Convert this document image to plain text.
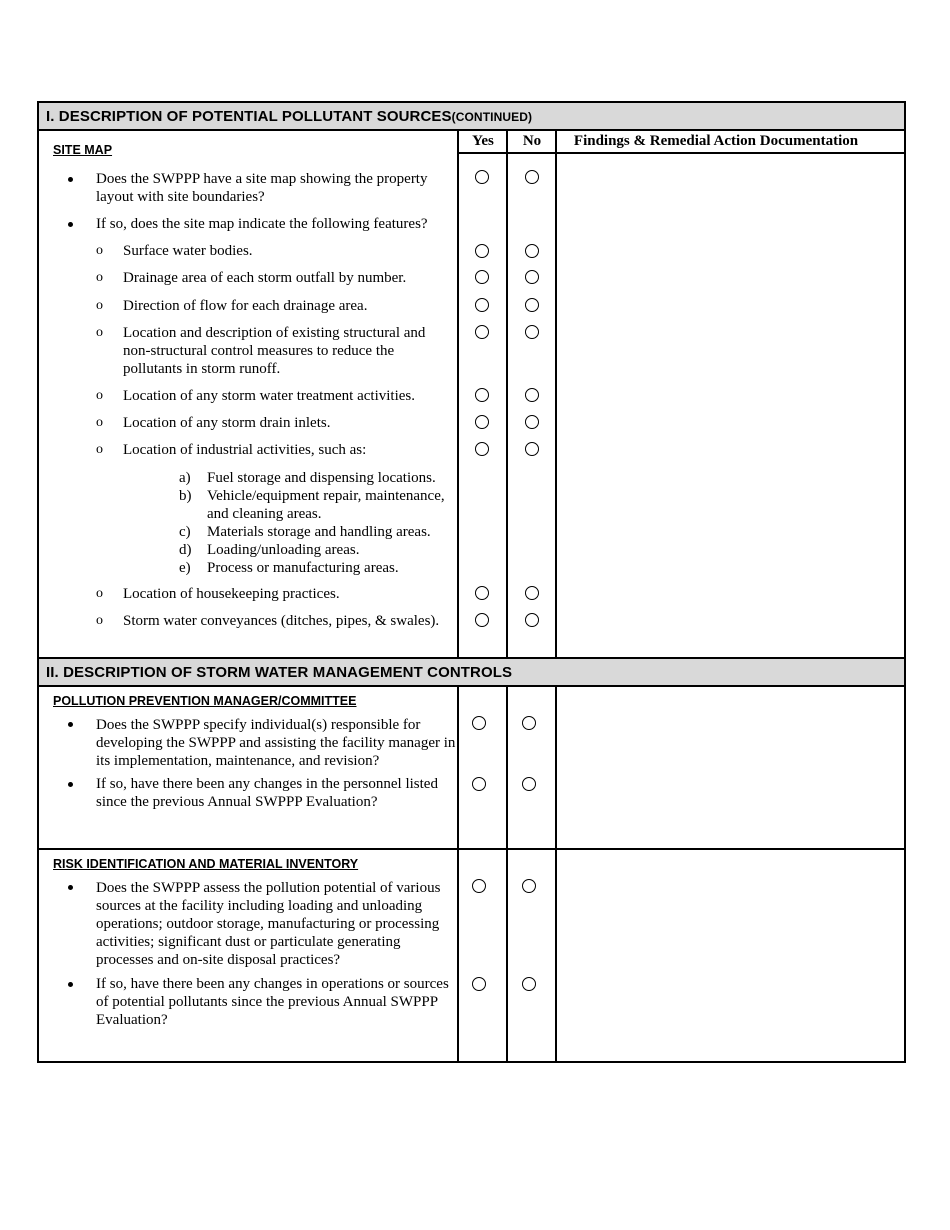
I. DESCRIPTION OF POTENTIAL POLLUTANT SOURCES(CONTINUED)
Yes	No	Findings & Remedial Action Documentation
SITE MAP
Does the SWPPP have a site map showing the property layout with site boundaries?
If so, does the site map indicate the following features?
o Surface water bodies.
o Drainage area of each storm outfall by number.
o Direction of flow for each drainage area.
o Location and description of existing structural and non-structural control measures to reduce the pollutants in storm runoff.
o Location of any storm water treatment activities.
o Location of any storm drain inlets.
o Location of industrial activities, such as:
a) Fuel storage and dispensing locations.
b) Vehicle/equipment repair, maintenance, and cleaning areas.
c) Materials storage and handling areas.
d) Loading/unloading areas.
e) Process or manufacturing areas.
o Location of housekeeping practices.
o Storm water conveyances (ditches, pipes, & swales).
II. DESCRIPTION OF STORM WATER MANAGEMENT CONTROLS
POLLUTION PREVENTION MANAGER/COMMITTEE
Does the SWPPP specify individual(s) responsible for developing the SWPPP and assisting the facility manager in its implementation, maintenance, and revision?
If so, have there been any changes in the personnel listed since the previous Annual SWPPP Evaluation?
RISK IDENTIFICATION AND MATERIAL INVENTORY
Does the SWPPP assess the pollution potential of various sources at the facility including loading and unloading operations; outdoor storage, manufacturing or processing activities; significant dust or particulate generating processes and on-site disposal practices?
If so, have there been any changes in operations or sources of potential pollutants since the previous Annual SWPPP Evaluation?
